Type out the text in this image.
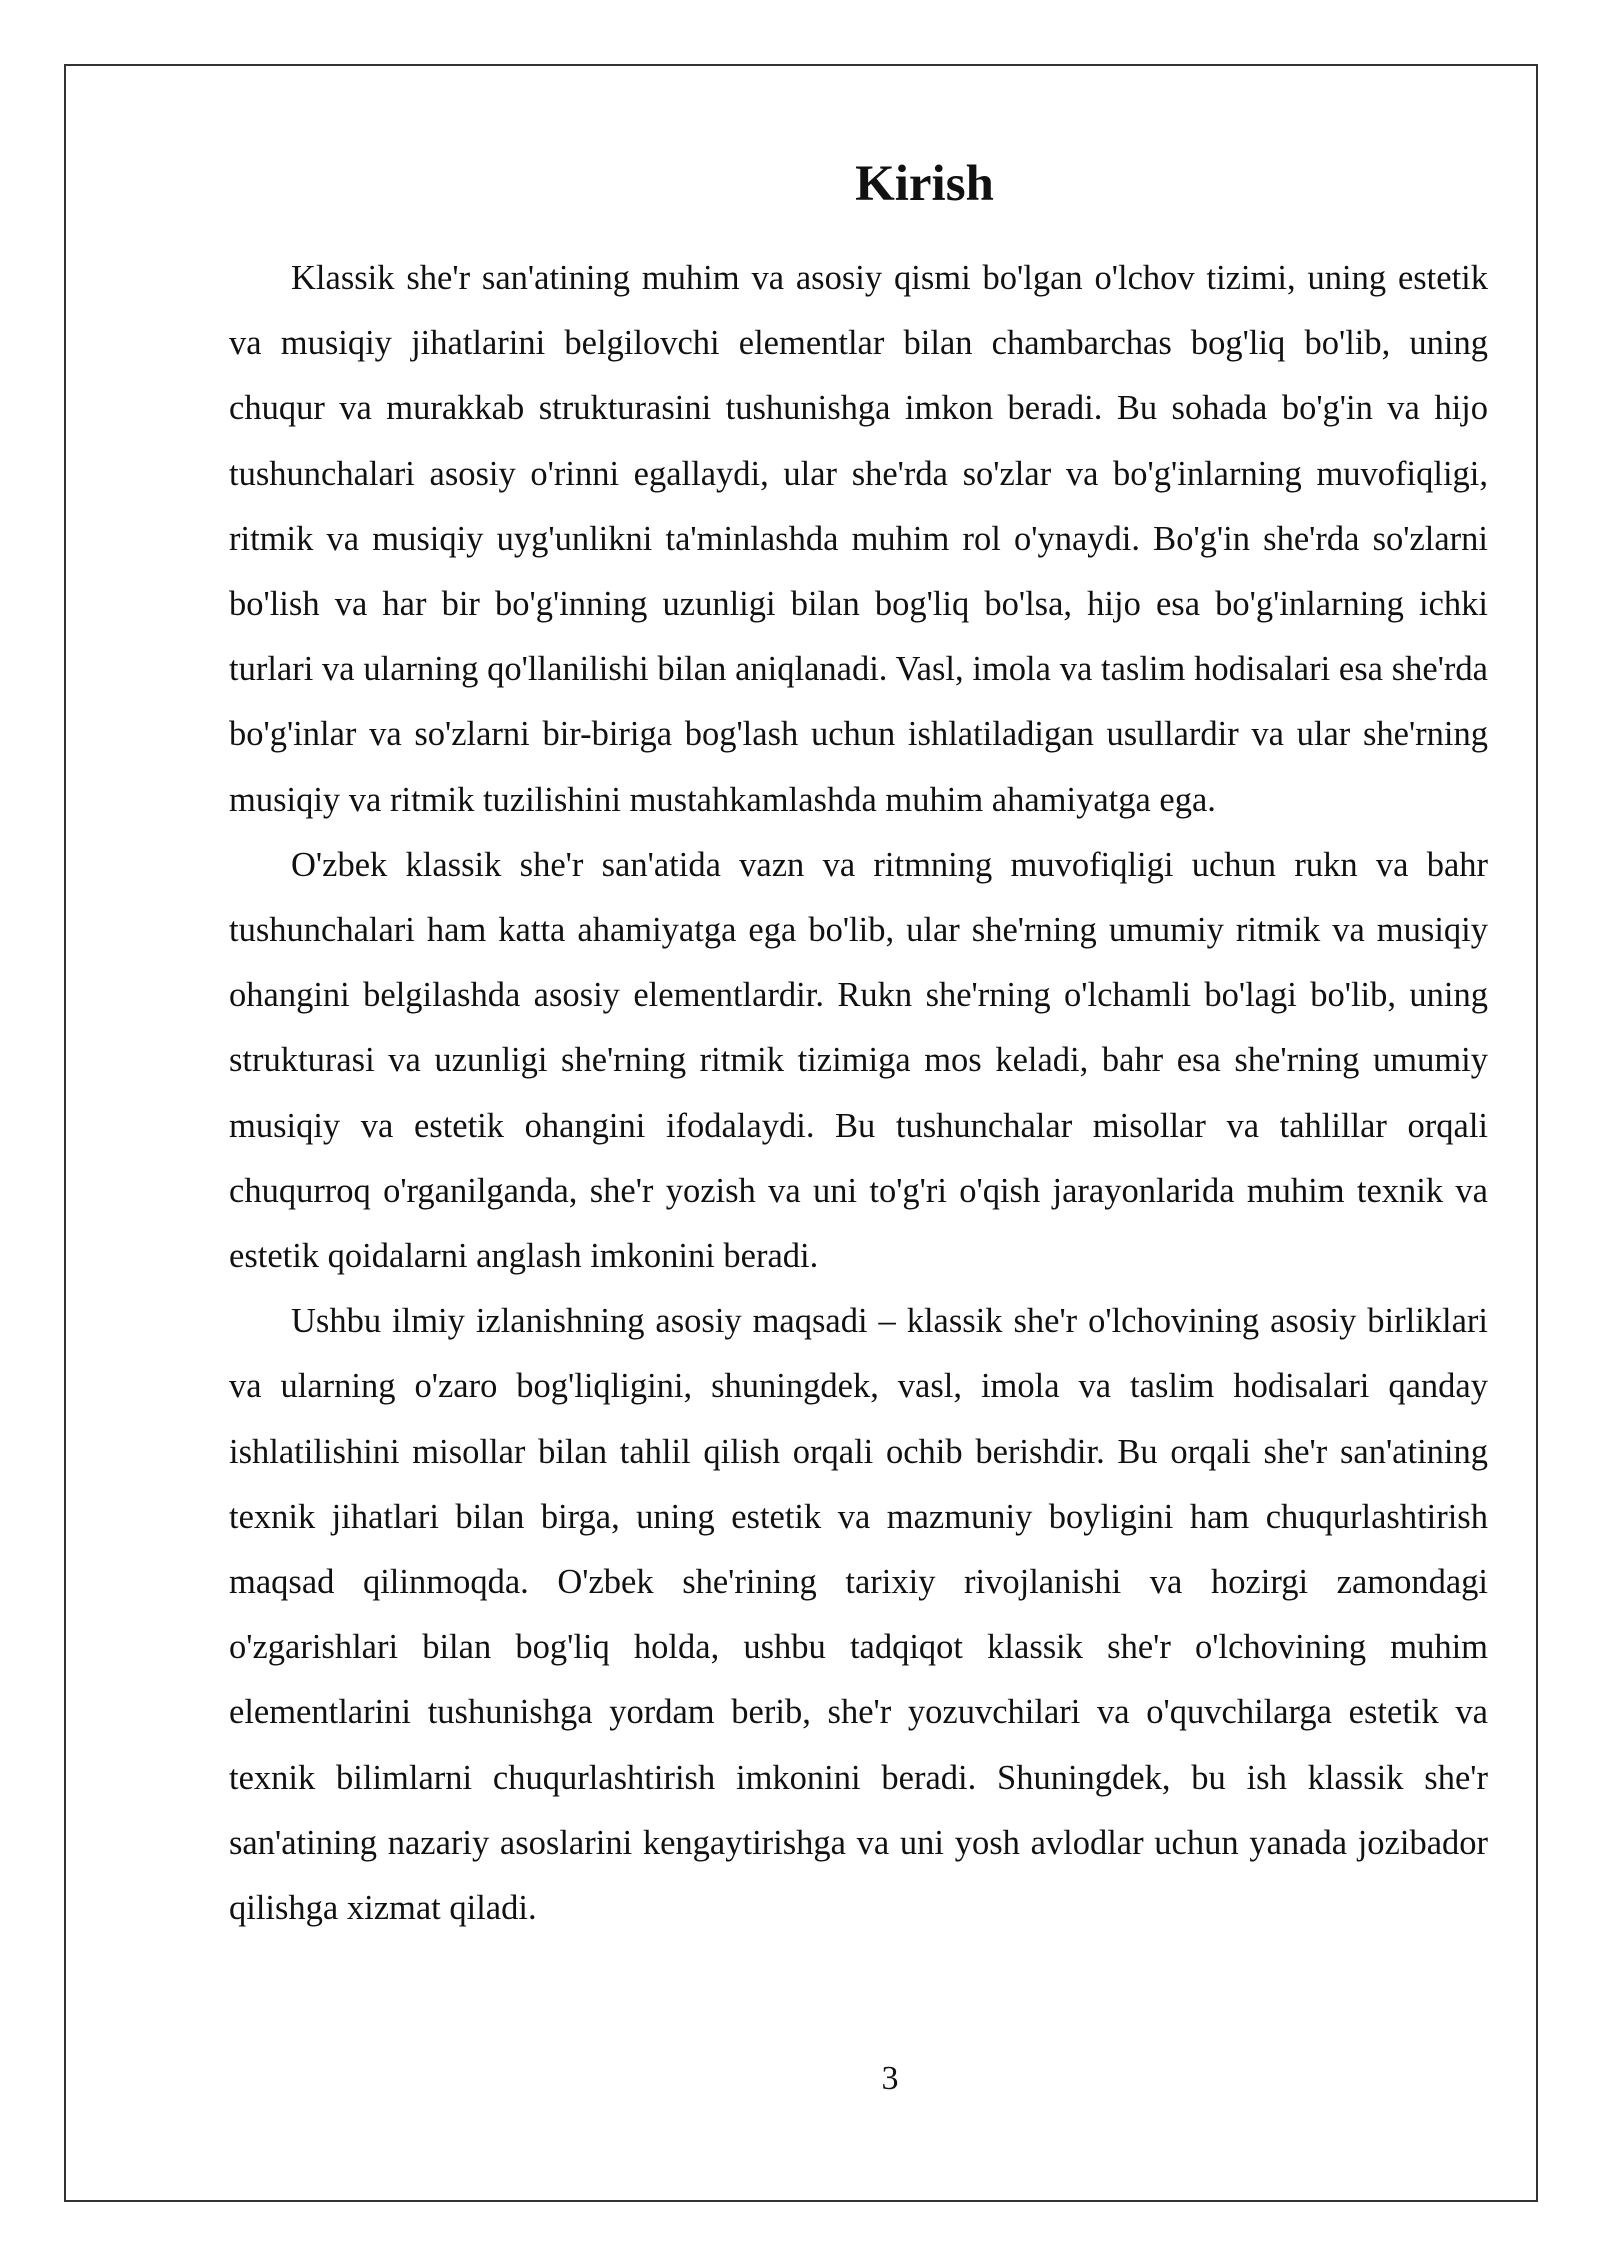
Kirish

Klassik she'r san'atining muhim va asosiy qismi bo'lgan o'lchov tizimi, uning estetik va musiqiy jihatlarini belgilovchi elementlar bilan chambarchas bog'liq bo'lib, uning chuqur va murakkab strukturasini tushunishga imkon beradi. Bu sohada bo'g'in va hijo tushunchalari asosiy o'rinni egallaydi, ular she'rda so'zlar va bo'g'inlarning muvofiqligi, ritmik va musiqiy uyg'unlikni ta'minlashda muhim rol o'ynaydi. Bo'g'in she'rda so'zlarni bo'lish va har bir bo'g'inning uzunligi bilan bog'liq bo'lsa, hijo esa bo'g'inlarning ichki turlari va ularning qo'llanilishi bilan aniqlanadi. Vasl, imola va taslim hodisalari esa she'rda bo'g'inlar va so'zlarni bir-biriga bog'lash uchun ishlatiladigan usullardir va ular she'rning musiqiy va ritmik tuzilishini mustahkamlashda muhim ahamiyatga ega.

O'zbek klassik she'r san'atida vazn va ritmning muvofiqligi uchun rukn va bahr tushunchalari ham katta ahamiyatga ega bo'lib, ular she'rning umumiy ritmik va musiqiy ohangini belgilashda asosiy elementlardir. Rukn she'rning o'lchamli bo'lagi bo'lib, uning strukturasi va uzunligi she'rning ritmik tizimiga mos keladi, bahr esa she'rning umumiy musiqiy va estetik ohangini ifodalaydi. Bu tushunchalar misollar va tahlillar orqali chuqurroq o'rganilganda, she'r yozish va uni to'g'ri o'qish jarayonlarida muhim texnik va estetik qoidalarni anglash imkonini beradi.

Ushbu ilmiy izlanishning asosiy maqsadi – klassik she'r o'lchovining asosiy birliklari va ularning o'zaro bog'liqligini, shuningdek, vasl, imola va taslim hodisalari qanday ishlatilishini misollar bilan tahlil qilish orqali ochib berishdir. Bu orqali she'r san'atining texnik jihatlari bilan birga, uning estetik va mazmuniy boyligini ham chuqurlashtirish maqsad qilinmoqda. O'zbek she'rining tarixiy rivojlanishi va hozirgi zamondagi o'zgarishlari bilan bog'liq holda, ushbu tadqiqot klassik she'r o'lchovining muhim elementlarini tushunishga yordam berib, she'r yozuvchilari va o'quvchilarga estetik va texnik bilimlarni chuqurlashtirish imkonini beradi. Shuningdek, bu ish klassik she'r san'atining nazariy asoslarini kengaytirishga va uni yosh avlodlar uchun yanada jozibador qilishga xizmat qiladi.

3
